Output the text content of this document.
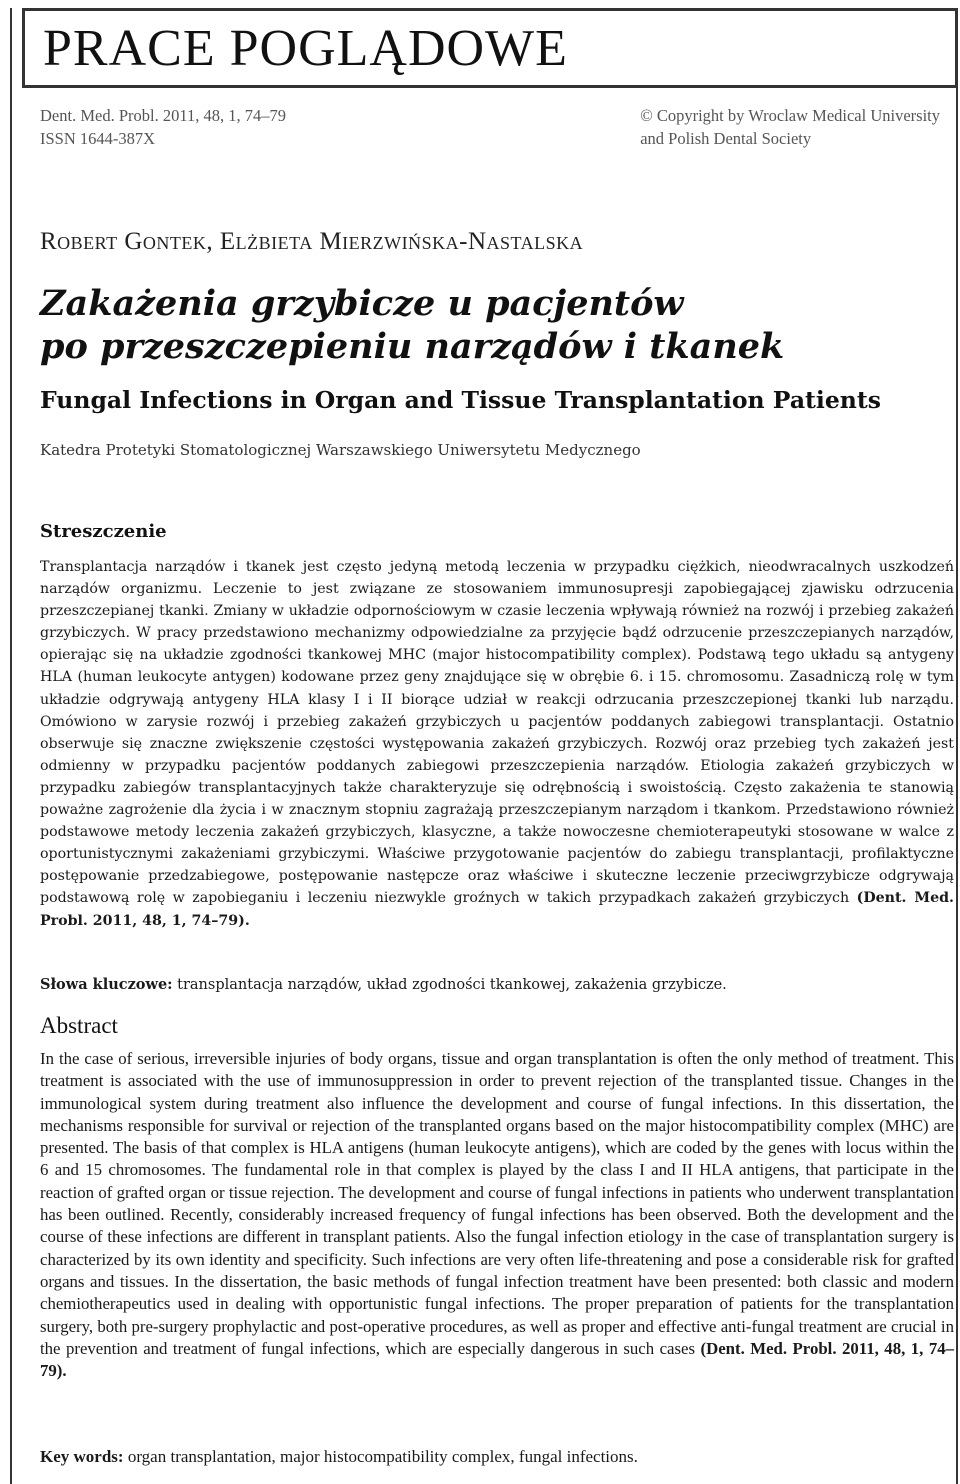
PRACE POGLĄDOWE
Dent. Med. Probl. 2011, 48, 1, 74–79
ISSN 1644-387X
© Copyright by Wroclaw Medical University
and Polish Dental Society
Robert Gontek, Elżbieta Mierzwińska-Nastalska
Zakażenia grzybicze u pacjentów
po przeszczepieniu narządów i tkanek
Fungal Infections in Organ and Tissue Transplantation Patients
Katedra Protetyki Stomatologicznej Warszawskiego Uniwersytetu Medycznego
Streszczenie
Transplantacja narządów i tkanek jest często jedyną metodą leczenia w przypadku ciężkich, nieodwracalnych uszkodzeń narządów organizmu. Leczenie to jest związane ze stosowaniem immunosupresji zapobiegającej zjawisku odrzucenia przeszczepianej tkanki. Zmiany w układzie odpornościowym w czasie leczenia wpływają również na rozwój i przebieg zakażeń grzybiczych. W pracy przedstawiono mechanizmy odpowiedzialne za przyjęcie bądź odrzucenie przeszczepianych narządów, opierając się na układzie zgodności tkankowej MHC (major histocompatibility complex). Podstawą tego układu są antygeny HLA (human leukocyte antygen) kodowane przez geny znajdujące się w obrębie 6. i 15. chromosomu. Zasadniczą rolę w tym układzie odgrywają antygeny HLA klasy I i II biorące udział w reakcji odrzucania przeszczepionej tkanki lub narządu. Omówiono w zarysie rozwój i przebieg zakażeń grzybiczych u pacjentów poddanych zabiegowi transplantacji. Ostatnio obserwuje się znaczne zwiększenie częstości występowania zakażeń grzybiczych. Rozwój oraz przebieg tych zakażeń jest odmienny w przypadku pacjentów poddanych zabiegowi przeszczepienia narządów. Etiologia zakażeń grzybiczych w przypadku zabiegów transplantacyjnych także charakteryzuje się odrębnością i swoistością. Często zakażenia te stanowią poważne zagrożenie dla życia i w znacznym stopniu zagrażają przeszczepianym narządom i tkankom. Przedstawiono również podstawowe metody leczenia zakażeń grzybiczych, klasyczne, a także nowoczesne chemioterapeutyki stosowane w walce z oportunistycznymi zakażeniami grzybiczymi. Właściwe przygotowanie pacjentów do zabiegu transplantacji, profilaktyczne postępowanie przedzabiegowe, postępowanie następcze oraz właściwe i skuteczne leczenie przeciwgrzybicze odgrywają podstawową rolę w zapobieganiu i leczeniu niezwykle groźnych w takich przypadkach zakażeń grzybiczych (Dent. Med. Probl. 2011, 48, 1, 74–79).
Słowa kluczowe: transplantacja narządów, układ zgodności tkankowej, zakażenia grzybicze.
Abstract
In the case of serious, irreversible injuries of body organs, tissue and organ transplantation is often the only method of treatment. This treatment is associated with the use of immunosuppression in order to prevent rejection of the transplanted tissue. Changes in the immunological system during treatment also influence the development and course of fungal infections. In this dissertation, the mechanisms responsible for survival or rejection of the transplanted organs based on the major histocompatibility complex (MHC) are presented. The basis of that complex is HLA antigens (human leukocyte antigens), which are coded by the genes with locus within the 6 and 15 chromosomes. The fundamental role in that complex is played by the class I and II HLA antigens, that participate in the reaction of grafted organ or tissue rejection. The development and course of fungal infections in patients who underwent transplantation has been outlined. Recently, considerably increased frequency of fungal infections has been observed. Both the development and the course of these infections are different in transplant patients. Also the fungal infection etiology in the case of transplantation surgery is characterized by its own identity and specificity. Such infections are very often life-threatening and pose a considerable risk for grafted organs and tissues. In the dissertation, the basic methods of fungal infection treatment have been presented: both classic and modern chemiotherapeutics used in dealing with opportunistic fungal infections. The proper preparation of patients for the transplantation surgery, both pre-surgery prophylactic and post-operative procedures, as well as proper and effective anti-fungal treatment are crucial in the prevention and treatment of fungal infections, which are especially dangerous in such cases (Dent. Med. Probl. 2011, 48, 1, 74–79).
Key words: organ transplantation, major histocompatibility complex, fungal infections.
